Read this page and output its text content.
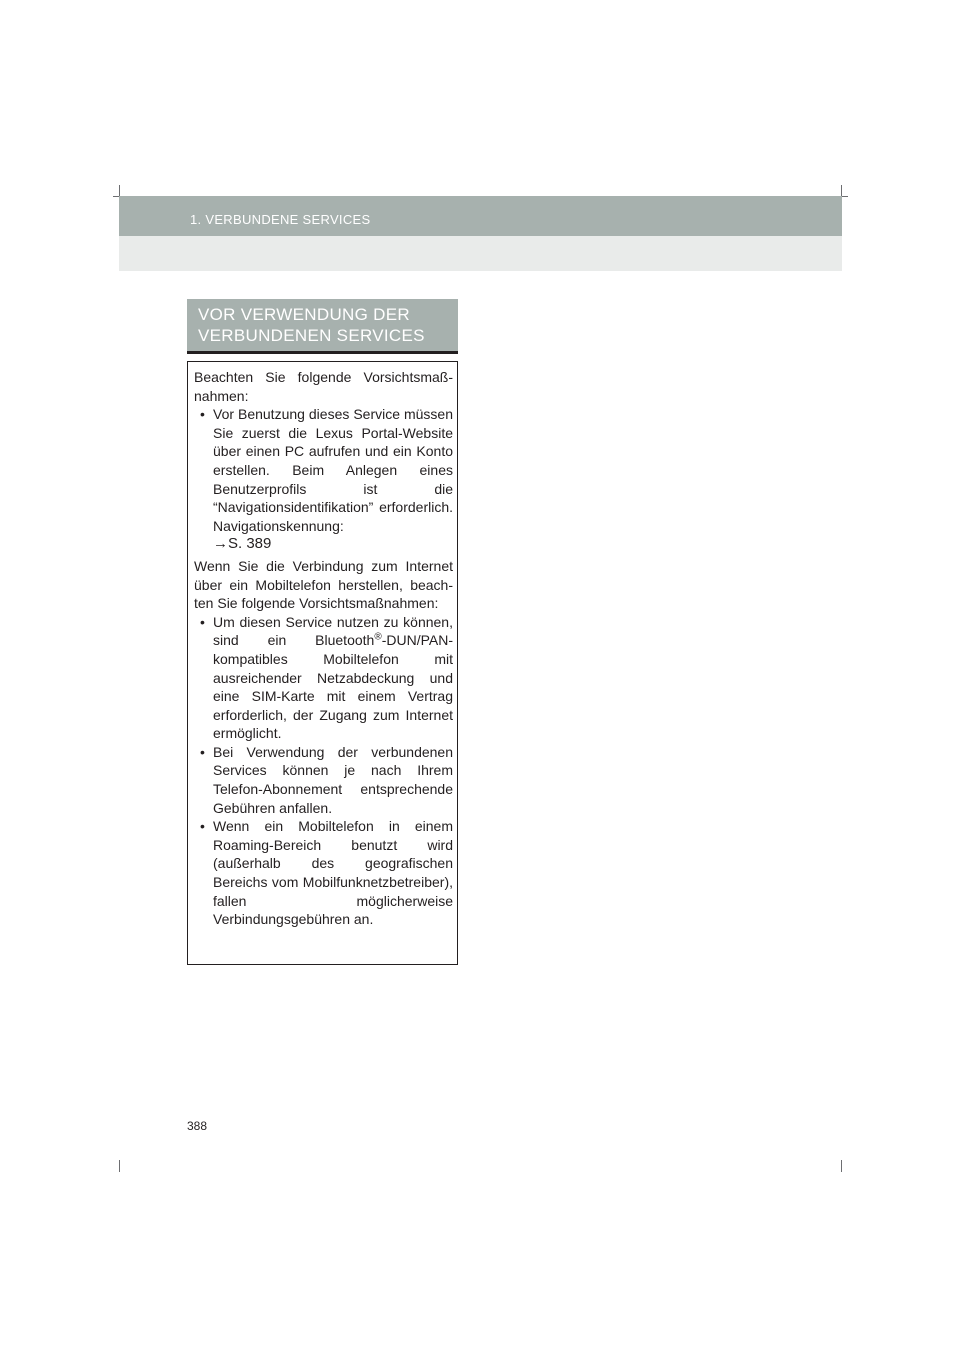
1. VERBUNDENE SERVICES
VOR VERWENDUNG DER VERBUNDENEN SERVICES

Beachten Sie folgende Vorsichtsmaß-nahmen:

• Vor Benutzung dieses Service müssen Sie zuerst die Lexus Portal-Website über einen PC aufrufen und ein Konto erstellen. Beim Anlegen eines Benutzerprofils ist die “Navigationsidentifikation” erforderlich. Navigationskennung:
→S. 389

Wenn Sie die Verbindung zum Internet über ein Mobiltelefon herstellen, beach-ten Sie folgende Vorsichtsmaßnahmen:

• Um diesen Service nutzen zu können, sind ein Bluetooth®-DUN/PAN-kompatibles Mobiltelefon mit ausreichender Netzabdeckung und eine SIM-Karte mit einem Vertrag erforderlich, der Zugang zum Internet ermöglicht.
• Bei Verwendung der verbundenen Services können je nach Ihrem Telefon-Abonnement entsprechende Gebühren anfallen.
• Wenn ein Mobiltelefon in einem Roaming-Bereich benutzt wird (außerhalb des geografischen Bereichs vom Mobilfunknetzbetreiber), fallen möglicherweise Verbindungsgebühren an.
388
